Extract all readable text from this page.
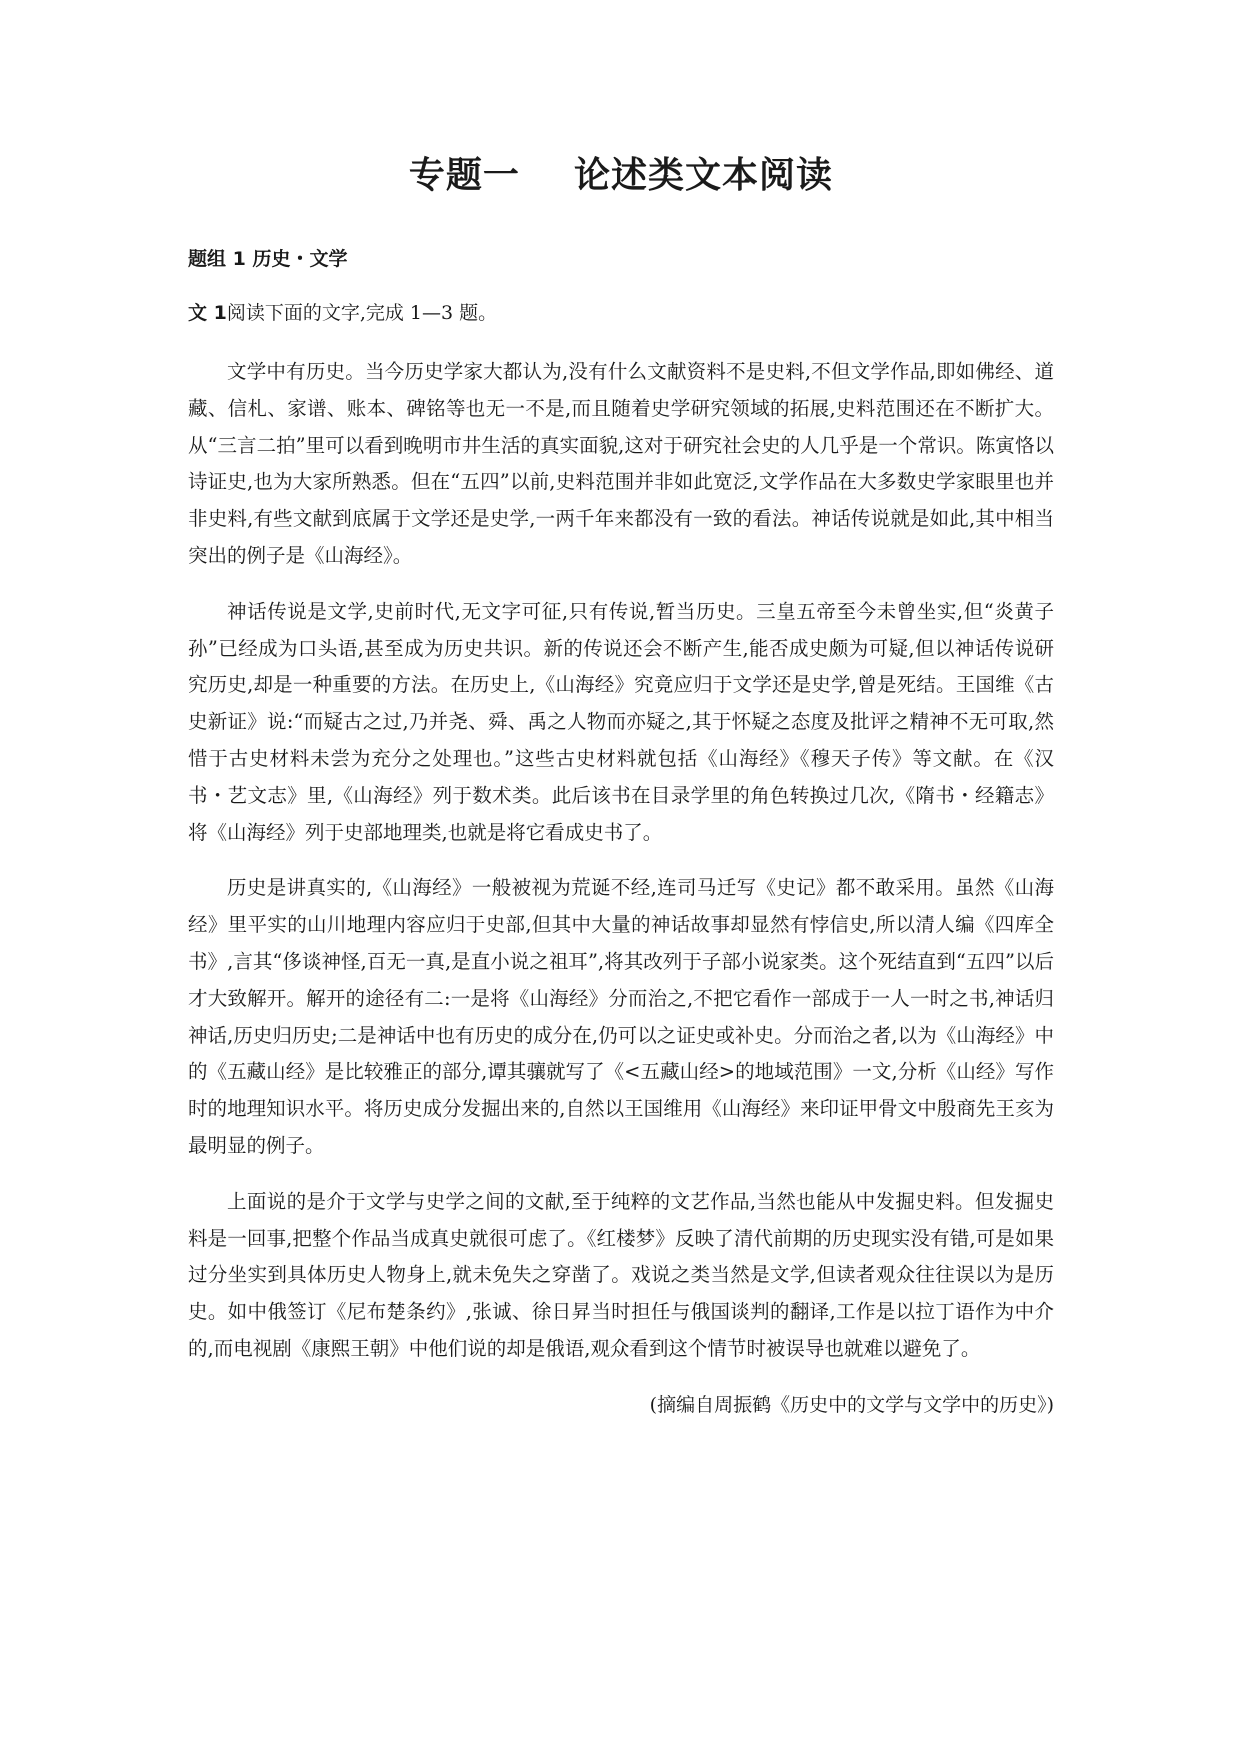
专题一    论述类文本阅读
题组 1 历史・文学

文 1阅读下面的文字,完成 1—3 题。

文学中有历史。当今历史学家大都认为,没有什么文献资料不是史料,不但文学作品,即如佛经、道藏、信札、家谱、账本、碑铭等也无一不是,而且随着史学研究领域的拓展,史料范围还在不断扩大。从“三言二拍”里可以看到晚明市井生活的真实面貌,这对于研究社会史的人几乎是一个常识。陈寅恪以诗证史,也为大家所熟悉。但在“五四”以前,史料范围并非如此宽泛,文学作品在大多数史学家眼里也并非史料,有些文献到底属于文学还是史学,一两千年来都没有一致的看法。神话传说就是如此,其中相当突出的例子是《山海经》。

神话传说是文学,史前时代,无文字可征,只有传说,暂当历史。三皇五帝至今未曾坐实,但“炎黄子孙”已经成为口头语,甚至成为历史共识。新的传说还会不断产生,能否成史颇为可疑,但以神话传说研究历史,却是一种重要的方法。在历史上,《山海经》究竟应归于文学还是史学,曾是死结。王国维《古史新证》说:“而疑古之过,乃并尧、舜、禹之人物而亦疑之,其于怀疑之态度及批评之精神不无可取,然惜于古史材料未尝为充分之处理也。”这些古史材料就包括《山海经》《穆天子传》等文献。在《汉书・艺文志》里,《山海经》列于数术类。此后该书在目录学里的角色转换过几次,《隋书・经籍志》将《山海经》列于史部地理类,也就是将它看成史书了。

历史是讲真实的,《山海经》一般被视为荒诞不经,连司马迁写《史记》都不敢采用。虽然《山海经》里平实的山川地理内容应归于史部,但其中大量的神话故事却显然有悖信史,所以清人编《四库全书》,言其“侈谈神怪,百无一真,是直小说之祖耳”,将其改列于子部小说家类。这个死结直到“五四”以后才大致解开。解开的途径有二:一是将《山海经》分而治之,不把它看作一部成于一人一时之书,神话归神话,历史归历史;二是神话中也有历史的成分在,仍可以之证史或补史。分而治之者,以为《山海经》中的《五藏山经》是比较雅正的部分,谭其骧就写了《<五藏山经>的地域范围》一文,分析《山经》写作时的地理知识水平。将历史成分发掘出来的,自然以王国维用《山海经》来印证甲骨文中殷商先王亥为最明显的例子。

上面说的是介于文学与史学之间的文献,至于纯粹的文艺作品,当然也能从中发掘史料。但发掘史料是一回事,把整个作品当成真史就很可虑了。《红楼梦》反映了清代前期的历史现实没有错,可是如果过分坐实到具体历史人物身上,就未免失之穿凿了。戏说之类当然是文学,但读者观众往往误以为是历史。如中俄签订《尼布楚条约》,张诚、徐日昇当时担任与俄国谈判的翻译,工作是以拉丁语作为中介的,而电视剧《康熙王朝》中他们说的却是俄语,观众看到这个情节时被误导也就难以避免了。

(摘编自周振鹤《历史中的文学与文学中的历史》)
